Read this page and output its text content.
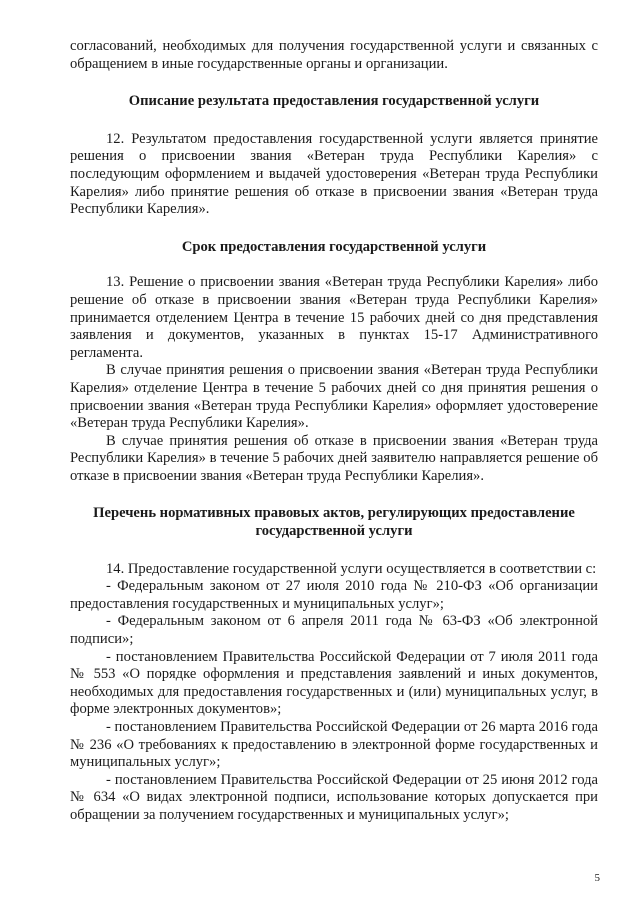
согласований, необходимых для получения государственной услуги и связанных с обращением в иные государственные органы и организации.

Описание результата предоставления государственной услуги

12. Результатом предоставления государственной услуги является принятие решения о присвоении звания «Ветеран труда Республики Карелия» с последующим оформлением и выдачей удостоверения «Ветеран труда Республики Карелия» либо принятие решения об отказе в присвоении звания «Ветеран труда Республики Карелия».

Срок предоставления государственной услуги

13. Решение о присвоении звания «Ветеран труда Республики Карелия» либо решение об отказе в присвоении звания «Ветеран труда Республики Карелия» принимается отделением Центра в течение 15 рабочих дней со дня представления заявления и документов, указанных в пунктах 15-17 Административного регламента.

В случае принятия решения о присвоении звания «Ветеран труда Республики Карелия» отделение Центра в течение 5 рабочих дней со дня принятия решения о присвоении звания «Ветеран труда Республики Карелия» оформляет удостоверение «Ветеран труда Республики Карелия».

В случае принятия решения об отказе в присвоении звания «Ветеран труда Республики Карелия» в течение 5 рабочих дней заявителю направляется решение об отказе в присвоении звания «Ветеран труда Республики Карелия».

Перечень нормативных правовых актов, регулирующих предоставление государственной услуги

14. Предоставление государственной услуги осуществляется в соответствии с:

- Федеральным законом от 27 июля 2010 года № 210-ФЗ «Об организации предоставления государственных и муниципальных услуг»;

- Федеральным законом от 6 апреля 2011 года № 63-ФЗ «Об электронной подписи»;

- постановлением Правительства Российской Федерации от 7 июля 2011 года № 553 «О порядке оформления и представления заявлений и иных документов, необходимых для предоставления государственных и (или) муниципальных услуг, в форме электронных документов»;

- постановлением Правительства Российской Федерации от 26 марта 2016 года № 236 «О требованиях к предоставлению в электронной форме государственных и муниципальных услуг»;

- постановлением Правительства Российской Федерации от 25 июня 2012 года № 634 «О видах электронной подписи, использование которых допускается при обращении за получением государственных и муниципальных услуг»;

5
